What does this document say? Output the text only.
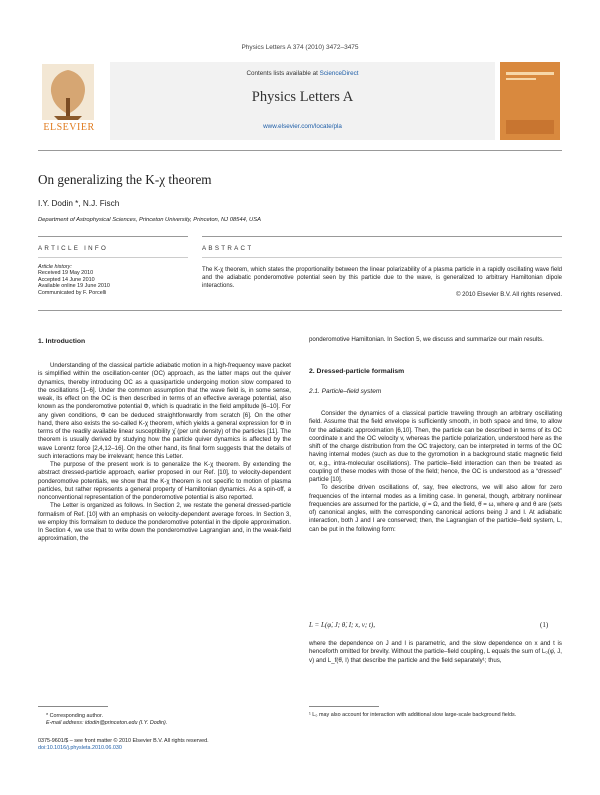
Physics Letters A 374 (2010) 3472–3475
ELSEVIER
Contents lists available at ScienceDirect
Physics Letters A
www.elsevier.com/locate/pla
On generalizing the K-χ theorem
I.Y. Dodin *, N.J. Fisch
Department of Astrophysical Sciences, Princeton University, Princeton, NJ 08544, USA
ARTICLE INFO	ABSTRACT
Article history:
Received 19 May 2010
Accepted 14 June 2010
Available online 19 June 2010
Communicated by F. Porcelli
The K-χ theorem, which states the proportionality between the linear polarizability of a plasma particle in a rapidly oscillating wave field and the adiabatic ponderomotive potential seen by this particle due to the wave, is generalized to arbitrary Hamiltonian dipole interactions.
© 2010 Elsevier B.V. All rights reserved.
1. Introduction

Understanding of the classical particle adiabatic motion in a high-frequency wave packet is simplified within the oscillation-center (OC) approach, as the latter maps out the quiver dynamics, thereby introducing OC as a quasiparticle undergoing motion slow compared to the oscillations [1–6]. Under the common assumption that the wave field is, in some sense, weak, its effect on the OC is then described in terms of an effective average potential, also known as the ponderomotive potential Φ, which is quadratic in the field amplitude [6–10]. For any given conditions, Φ can be deduced straightforwardly from scratch [6]. On the other hand, there also exists the so-called K-χ theorem, which yields a general expression for Φ in terms of the readily available linear susceptibility χ̄ (per unit density) of the particles [11]. The theorem is usually derived by studying how the particle quiver dynamics is affected by the wave Lorentz force [2,4,12–16]. On the other hand, its final form suggests that the details of such interactions may be irrelevant; hence this Letter.

The purpose of the present work is to generalize the K-χ theorem. By extending the abstract dressed-particle approach, earlier proposed in our Ref. [10], to velocity-dependent ponderomotive potentials, we show that the K-χ theorem is not specific to motion of plasma particles, but rather represents a general property of Hamiltonian dynamics. As a spin-off, a nonconventional representation of the ponderomotive potential is also reported.

The Letter is organized as follows. In Section 2, we restate the general dressed-particle formalism of Ref. [10] with an emphasis on velocity-dependent average forces. In Section 3, we employ this formalism to deduce the ponderomotive potential in the dipole approximation. In Section 4, we use that to write down the ponderomotive Lagrangian and, in the weak-field approximation, the

* Corresponding author.
E-mail address: idodin@princeton.edu (I.Y. Dodin).
0375-9601/$ – see front matter © 2010 Elsevier B.V. All rights reserved.
doi:10.1016/j.physleta.2010.06.030

ponderomotive Hamiltonian. In Section 5, we discuss and summarize our main results.

2. Dressed-particle formalism
2.1. Particle–field system

Consider the dynamics of a classical particle traveling through an arbitrary oscillating field. Assume that the field envelope is sufficiently smooth, in both space and time, to allow for the adiabatic approximation [6,10]. Then, the particle can be described in terms of its OC coordinate x and the OC velocity v, whereas the particle polarization, understood here as the shift of the charge distribution from the OC trajectory, can be interpreted in terms of the OC having internal modes (such as due to the gyromotion in a background static magnetic field or, e.g., intra-molecular oscillations). The particle–field interaction can then be treated as coupling of these modes with those of the field; hence, the OC is understood as a “dressed” particle [10].

To describe driven oscillations of, say, free electrons, we will also allow for zero frequencies of the internal modes as a limiting case. In general, though, arbitrary nonlinear frequencies are assumed for the particle, φ̇ = Ω, and the field, θ̇ = ω, where φ and θ are (sets of) canonical angles, with the corresponding canonical actions being J and I. At adiabatic interaction, both J and I are conserved; then, the Lagrangian of the particle–field system, L, can be put in the following form:

L = L(φ̇, J; θ̇, I; x, v; t),	(1)

where the dependence on J and I is parametric, and the slow dependence on x and t is henceforth omitted for brevity. Without the particle–field coupling, L equals the sum of L₀(φ̇, J, v) and L_f(θ̇, I) that describe the particle and the field separately¹; thus,

¹ L₀ may also account for interaction with additional slow large-scale background fields.
